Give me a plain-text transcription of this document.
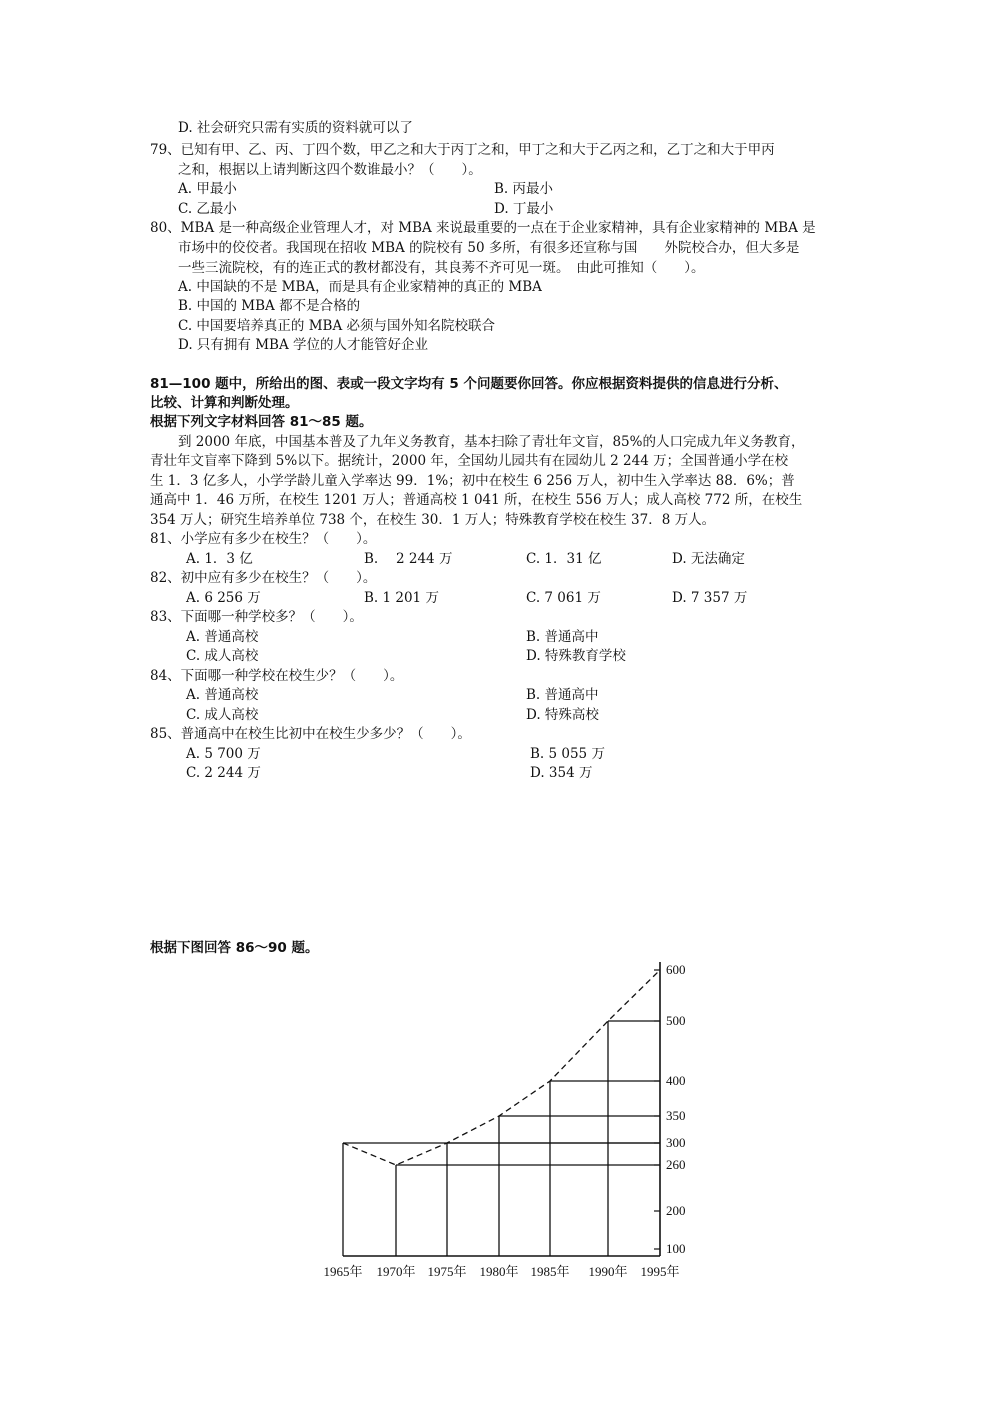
D. 社会研究只需有实质的资料就可以了
79、已知有甲、乙、丙、丁四个数，甲乙之和大于丙丁之和，甲丁之和大于乙丙之和，乙丁之和大于甲丙
之和，根据以上请判断这四个数谁最小？（　　）。
A. 甲最小	B. 丙最小
C. 乙最小	D. 丁最小
80、MBA 是一种高级企业管理人才，对 MBA 来说最重要的一点在于企业家精神，具有企业家精神的 MBA 是
市场中的佼佼者。我国现在招收 MBA 的院校有 50 多所，有很多还宣称与国　　外院校合办，但大多是
一些三流院校，有的连正式的教材都没有，其良莠不齐可见一斑。　由此可推知（　　）。
A. 中国缺的不是 MBA，而是具有企业家精神的真正的 MBA
B. 中国的 MBA 都不是合格的
C. 中国要培养真正的 MBA 必须与国外知名院校联合
D. 只有拥有 MBA 学位的人才能管好企业
81—100 题中，所给出的图、表或一段文字均有 5 个问题要你回答。你应根据资料提供的信息进行分析、
比较、计算和判断处理。
根据下列文字材料回答 81～85 题。
到 2000 年底，中国基本普及了九年义务教育，基本扫除了青壮年文盲，85%的人口完成九年义务教育，
青壮年文盲率下降到 5%以下。据统计，2000 年，全国幼儿园共有在园幼儿 2 244 万；全国普通小学在校
生 1．3 亿多人，小学学龄儿童入学率达 99．1%；初中在校生 6 256 万人，初中生入学率达 88．6%；普
通高中 1．46 万所，在校生 1201 万人；普通高校 1 041 所，在校生 556 万人；成人高校 772 所，在校生
354 万人；研究生培养单位 738 个，在校生 30．1 万人；特殊教育学校在校生 37．8 万人。
81、小学应有多少在校生？（　　）。
A. 1．3 亿	B.　 2 244 万	C. 1．31 亿	D. 无法确定
82、初中应有多少在校生？（　　）。
A. 6 256 万	B. 1 201 万	C. 7 061 万	D. 7 357 万
83、下面哪一种学校多？（　　）。
A. 普通高校	B. 普通高中
C. 成人高校	D. 特殊教育学校
84、下面哪一种学校在校生少？（　　）。
A. 普通高校	B. 普通高中
C. 成人高校	D. 特殊高校
85、普通高中在校生比初中在校生少多少？（　　）。
A. 5 700 万	B. 5 055 万
C. 2 244 万	D. 354 万
根据下图回答 86～90 题。
600
500
400
350
300
260
200
100
1965年 1970年 1975年 1980年 1985年 1990年 1995年
